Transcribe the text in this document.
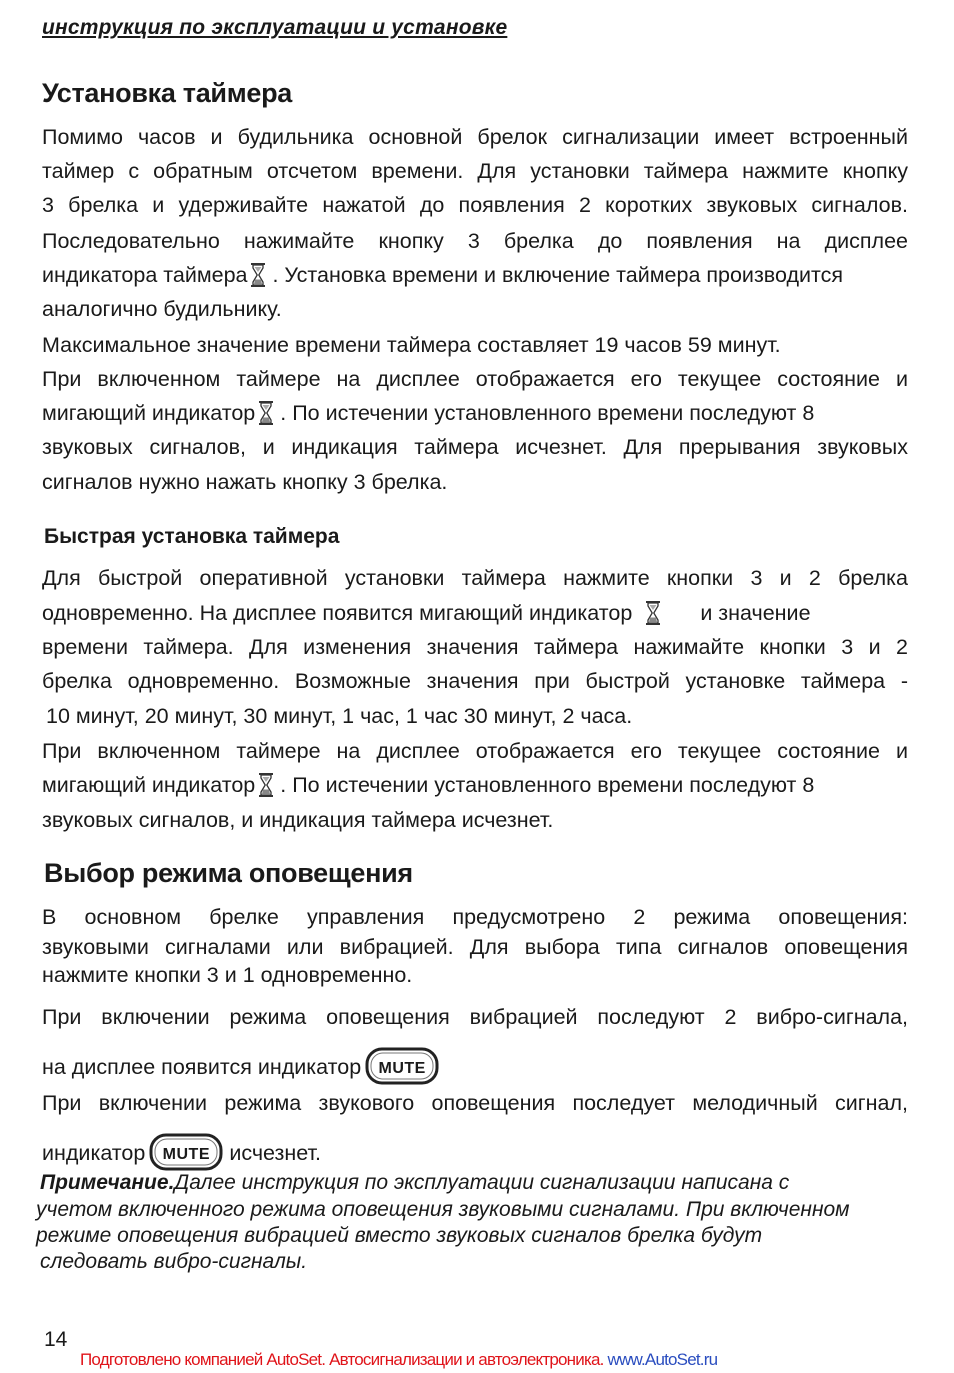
инструкция по эксплуатации и установке
Установка таймера
Помимо часов и будильника основной брелок сигнализации имеет встроенный
таймер с обратным отсчетом времени. Для установки таймера нажмите кнопку
3 брелка и удерживайте нажатой до появления 2 коротких звуковых сигналов.
Последовательно нажимайте кнопку 3 брелка до появления на дисплее
индикатора таймера . Установка времени и включение таймера производится
аналогично будильнику.
Максимальное значение времени таймера составляет 19 часов 59 минут.
При включенном таймере на дисплее отображается его текущее состояние и
мигающий индикатор . По истечении установленного времени последуют 8
звуковых сигналов, и индикация таймера исчезнет. Для прерывания звуковых
сигналов нужно нажать кнопку 3 брелка.
Быстрая установка таймера
Для быстрой оперативной установки таймера нажмите кнопки 3 и 2 брелка
одновременно. На дисплее появится мигающий индикатор	и значение
времени таймера. Для изменения значения таймера нажимайте кнопки 3 и 2
брелка одновременно. Возможные значения при быстрой установке таймера -
10 минут, 20 минут, 30 минут, 1 час, 1 час 30 минут, 2 часа.
При включенном таймере на дисплее отображается его текущее состояние и
мигающий индикатор . По истечении установленного времени последуют 8
звуковых сигналов, и индикация таймера исчезнет.
Выбор режима оповещения
В основном брелке управления предусмотрено 2 режима оповещения:
звуковыми сигналами или вибрацией. Для выбора типа сигналов оповещения
нажмите кнопки 3 и 1 одновременно.
При включении режима оповещения вибрацией последуют 2 вибро-сигнала,
на дисплее появится индикатор	MUTE
При включении режима звукового оповещения последует мелодичный сигнал,
индикатор	MUTE исчезнет.
Примечание.Далее инструкция по эксплуатации сигнализации написана с
учетом включенного режима оповещения звуковыми сигналами. При включенном
режиме оповещения вибрацией вместо звуковых сигналов брелка будут
следовать вибро-сигналы.
14
Подготовлено компанией AutoSet. Автосигнализации и автоэлектроника. www.AutoSet.ru
